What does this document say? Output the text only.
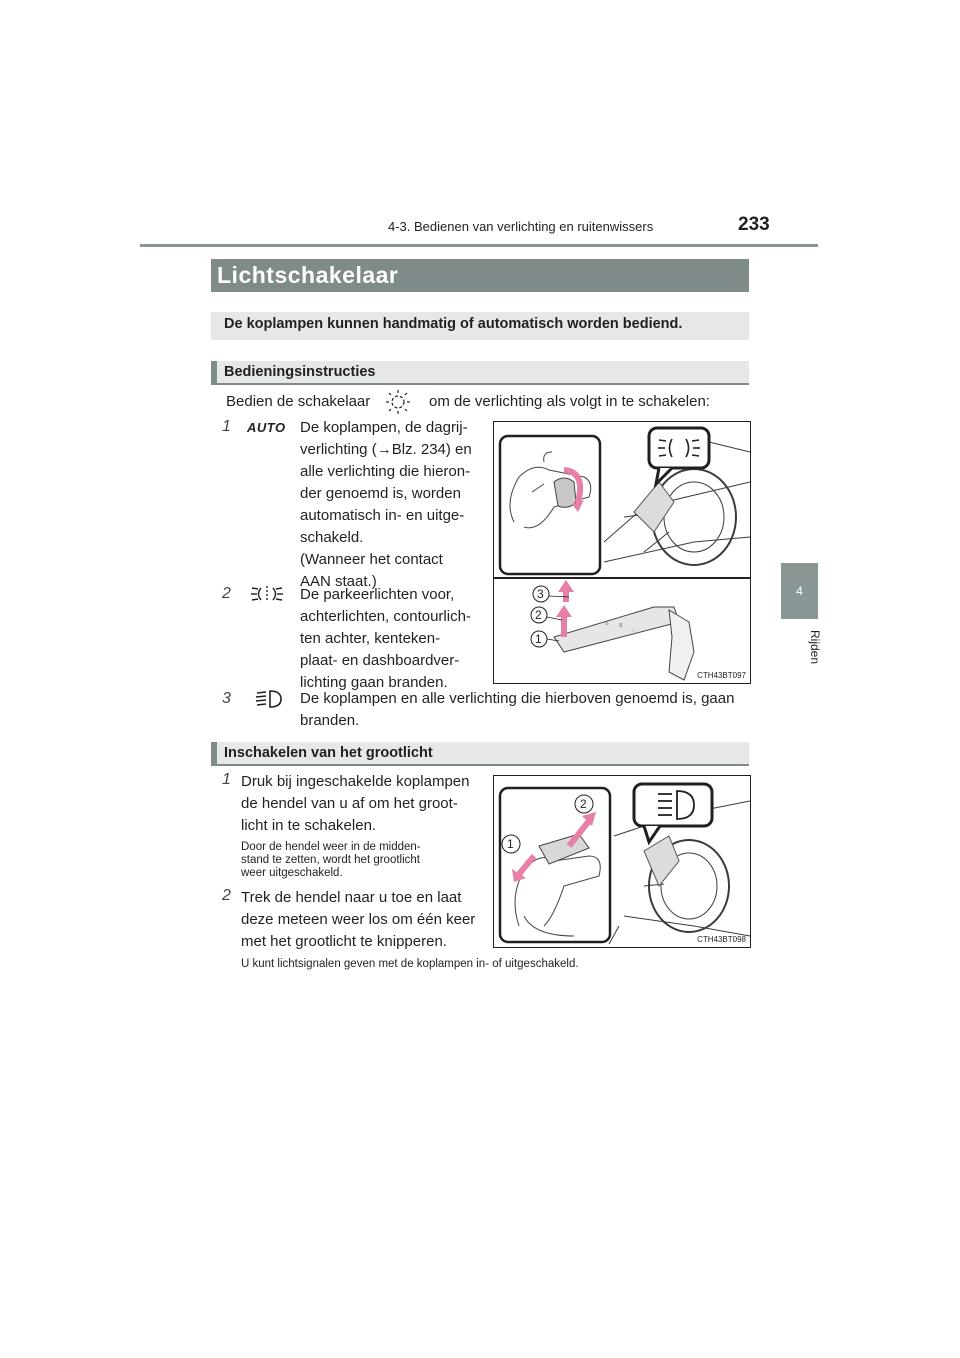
4-3. Bedienen van verlichting en ruitenwissers	233
4
Rijden
Lichtschakelaar
De koplampen kunnen handmatig of automatisch worden bediend.
Bedieningsinstructies
Bedien de schakelaar	om de verlichting als volgt in te schakelen:
1 AUTO De koplampen, de dagrij-
verlichting (→Blz. 234) en
alle verlichting die hieron-
der genoemd is, worden
automatisch in- en uitge-
schakeld.
(Wanneer het contact
AAN staat.)
2	De parkeerlichten voor,
achterlichten, contourlich-
ten achter, kenteken-
plaat- en dashboardver-
lichting gaan branden.
☼ ≡
◌
3
2
1
CTH43BT097
3	De koplampen en alle verlichting die hierboven genoemd is, gaan
branden.
Inschakelen van het grootlicht
1 Druk bij ingeschakelde koplampen
de hendel van u af om het groot-
licht in te schakelen.
Door de hendel weer in de midden-
stand te zetten, wordt het grootlicht
weer uitgeschakeld.
2 Trek de hendel naar u toe en laat
deze meteen weer los om één keer
met het grootlicht te knipperen.
U kunt lichtsignalen geven met de koplampen in- of uitgeschakeld.
2
1
CTH43BT098
